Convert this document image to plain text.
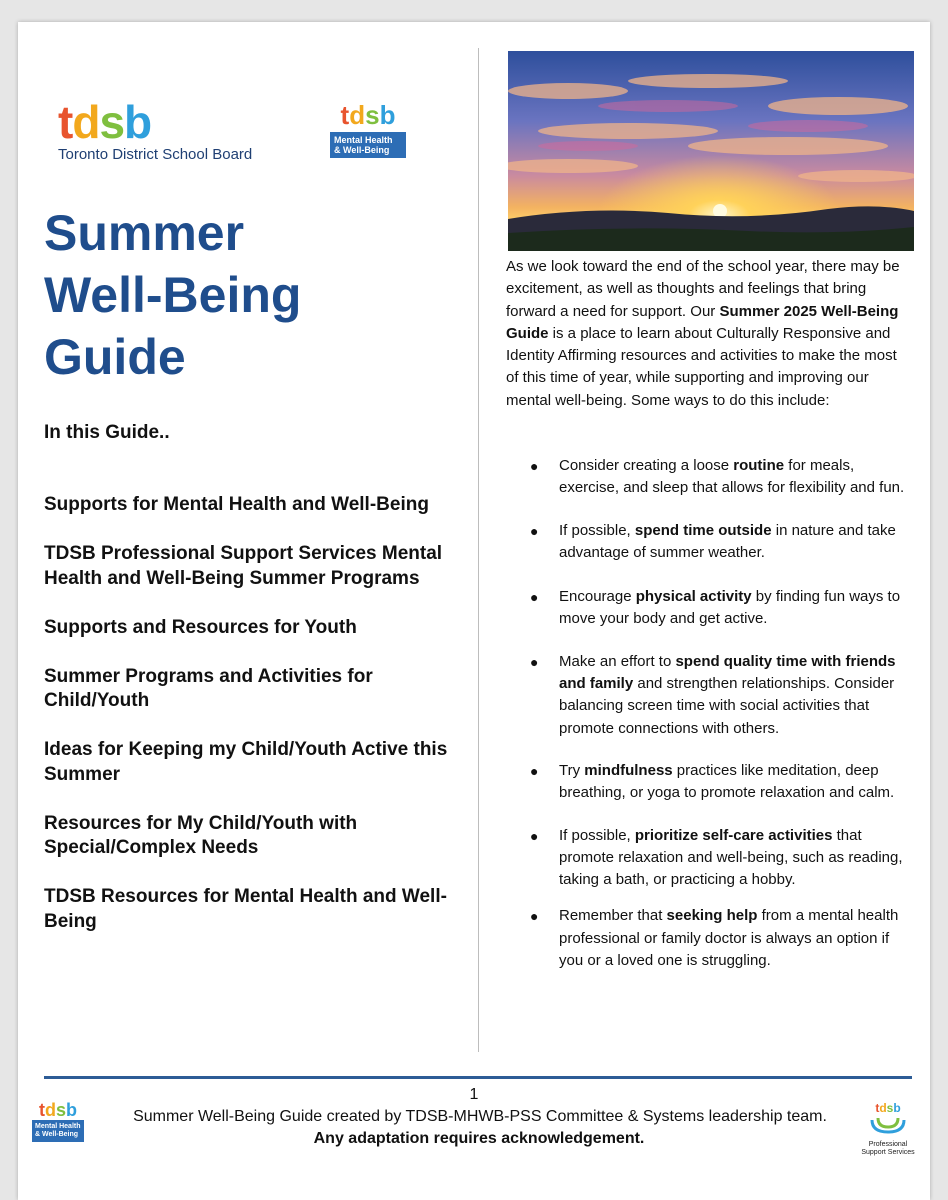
tdsb
Toronto District School Board
tdsb
Mental Health
& Well-Being
Summer
Well-Being
Guide
In this Guide..
Supports for Mental Health and Well-Being
TDSB Professional Support Services Mental Health and Well-Being Summer Programs
Supports and Resources for Youth
Summer Programs and Activities for Child/Youth
Ideas for Keeping my Child/Youth Active this Summer
Resources for My Child/Youth with Special/Complex Needs
TDSB Resources for Mental Health and Well-Being
As we look toward the end of the school year, there may be excitement, as well as thoughts and feelings that bring forward a need for support. Our Summer 2025 Well-Being Guide is a place to learn about Culturally Responsive and Identity Affirming resources and activities to make the most of this time of year, while supporting and improving our mental well-being. Some ways to do this include:
● Consider creating a loose routine for meals, exercise, and sleep that allows for flexibility and fun.
● If possible, spend time outside in nature and take advantage of summer weather.
● Encourage physical activity by finding fun ways to move your body and get active.
● Make an effort to spend quality time with friends and family and strengthen relationships. Consider balancing screen time with social activities that promote connections with others.
● Try mindfulness practices like meditation, deep breathing, or yoga to promote relaxation and calm.
● If possible, prioritize self-care activities that promote relaxation and well-being, such as reading, taking a bath, or practicing a hobby.
● Remember that seeking help from a mental health professional or family doctor is always an option if you or a loved one is struggling.
1
Summer Well-Being Guide created by TDSB-MHWB-PSS Committee & Systems leadership team.
Any adaptation requires acknowledgement.
tdsb
Mental Health
& Well-Being
tdsb
Professional
Support Services
